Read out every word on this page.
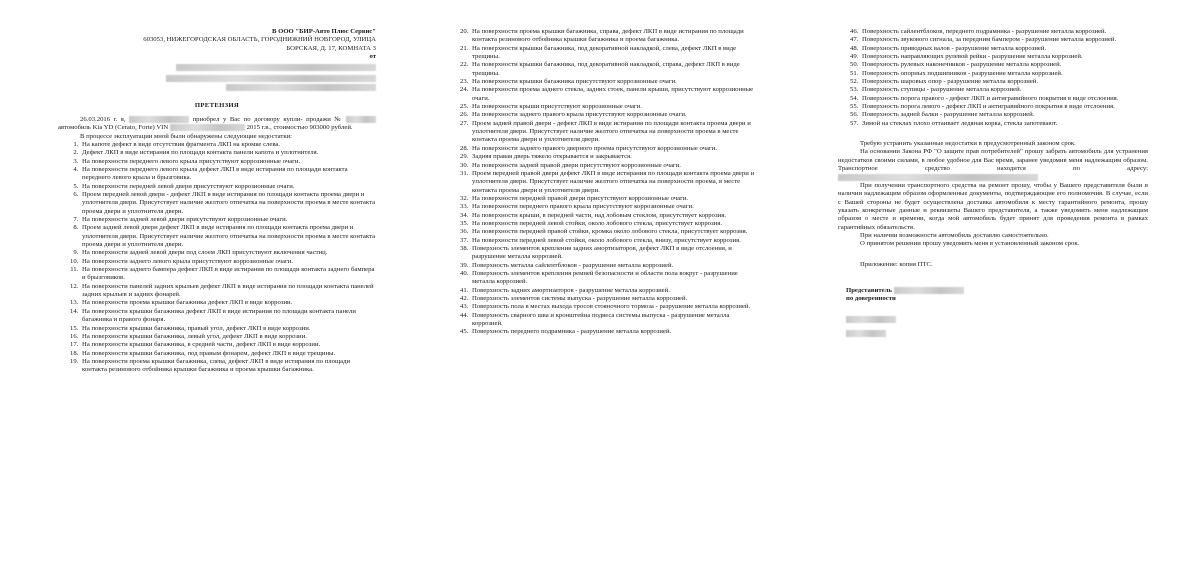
В ООО "БИР-Авто Плюс Сервис"
603053, НИЖЕГОРОДСКАЯ ОБЛАСТЬ, ГОРОДНИЖНИЙ НОВГОРОД, УЛИЦА
БОРСКАЯ, Д. 17, КОМНАТА 3
от

ПРЕТЕНЗИЯ

26.03.2016 г. я,	приобрел у Вас по договору купли- продажи №  автомобиль Kia YD (Cerato, Forte) VIN	2015 г.в., стоимостью 903000 рублей.

В процессе эксплуатации мной были обнаружены следующие недостатки:

1. На капоте дефект в виде отсутствия фрагмента ЛКП на кромке слева.
2. Дефект ЛКП в виде истирания по площади контакта панели капота и уплотнителя.
3. На поверхности переднего левого крыла присутствуют коррозионные очаги.
4. На поверхности переднего левого крыла дефект ЛКП в виде истирания по площади контакта переднего левого крыла и брызговика.
5. На поверхности передней левой двери присутствуют коррозионные очаги.
6. Проем передней левой двери - дефект ЛКП в виде истирания по площади контакта проема двери и уплотнителя двери. Присутствует наличие желтого отпечатка на поверхности проема в месте контакта проема двери и уплотнителя двери.
7. На поверхности задней левой двери присутствуют коррозионные очаги.
8. Проем задней левой двери дефект ЛКП в виде истирания по площади контакта проема двери и уплотнителя двери. Присутствует наличие желтого отпечатка на поверхности проема в месте контакта проема двери и уплотнителя двери.
9. На поверхности задней левой двери под слоем ЛКП присутствуют включения частиц.
10. На поверхности заднего левого крыла присутствуют коррозионные очаги.
11. На поверхности заднего бампера дефект ЛКП в виде истирания по площади контакта заднего бампера и брызговиков.
12. На поверхности панелей задних крыльев дефект ЛКП в виде истирания по площади контакта панелей задних крыльев и задних фонарей.
13. На поверхности проема крышки багажника дефект ЛКП в виде коррозии.
14. На поверхности крышки багажника дефект ЛКП в виде истирания по площади контакта панели багажника и правого фонаря.
15. На поверхности крышки багажника, правый угол, дефект ЛКП в виде коррозии.
16. На поверхности крышки багажника, левый угол, дефект ЛКП в виде коррозии.
17. На поверхности крышки багажника, в средней части, дефект ЛКП в виде коррозии.
18. На поверхности крышки багажника, под правым фонарем, дефект ЛКП в виде трещины.
19. На поверхности проема крышки багажника, слева, дефект ЛКП в виде истирания по площади контакта резинового отбойника крышки багажника и проема крышки багажника.
20. На поверхности проема крышки багажника, справа, дефект ЛКП в виде истирания по площади контакта резинового отбойника крышки багажника и проема багажника.
21. На поверхности крышки багажника, под декоративной накладкой, слева, дефект ЛКП в виде трещины.
22. На поверхности крышки багажника, под декоративной накладкой, справа, дефект ЛКП в виде трещины.
23. На поверхности крышки багажника присутствуют коррозионные очаги.
24. На поверхности проема заднего стекла, задних стоек, панели крыши, присутствуют коррозионные очаги.
25. На поверхности крыши присутствуют коррозионные очаги.
26. На поверхности заднего правого крыла присутствуют коррозионные очаги.
27. Проем задней правой двери - дефект ЛКП в виде истирания по площади контакта проема двери и уплотнителя двери. Присутствует наличие желтого отпечатка на поверхности проема в месте контакта проема двери и уплотнителя двери.
28. На поверхности заднего правого дверного проема присутствуют коррозионные очаги.
29. Задняя правая дверь тяжело открывается и закрывается.
30. На поверхности задней правой двери присутствуют коррозионные очаги.
31. Проем передней правой двери дефект ЛКП в виде истирания по площади контакта проема двери и уплотнителя двери. Присутствует наличие желтого отпечатка на поверхности проема, в месте контакта проема двери и уплотнителя двери.
32. На поверхности передней правой двери присутствуют коррозионные очаги.
33. На поверхности переднего правого крыла присутствуют коррозионные очаги.
34. На поверхности крыши, в передней части, над лобовым стеклом, присутствует коррозия.
35. На поверхности передней левой стойки, около лобового стекла, присутствует коррозия.
36. На поверхности передней правой стойки, кромка около лобового стекла, присутствует коррозия.
37. На поверхности передней левой стойки, около лобового стекла, внизу, присутствует коррозия.
38. Поверхность элементов крепления задних амортизаторов, дефект ЛКП в виде отслоения, и разрушение металла коррозией.
39. Поверхность металла сайлентблоков - разрушение металла коррозией.
40. Поверхность элементов крепления ремней безопасности и области пола вокруг - разрушение металла коррозией.
41. Поверхность задних амортизаторов - разрушение металла коррозией.
42. Поверхность элементов системы выпуска - разрушение металла коррозией.
43. Поверхность пола в местах выхода тросов стояночного тормоза - разрушение металла коррозией.
44. Поверхность сварного шва и кронштейна подвеса системы выпуска - разрушение металла коррозией.
45. Поверхность переднего подрамника - разрушение металла коррозией.
46. Поверхность сайлентблоков, переднего подрамника - разрушение металла коррозией.
47. Поверхность звукового сигнала, за передним бампером - разрушение металла коррозией.
48. Поверхность приводных валов - разрушение металла коррозией.
49. Поверхность направляющих рулевой рейки - разрушение металла коррозией.
50. Поверхность рулевых наконечников - разрушение металла коррозией.
51. Поверхность опорных подшипников - разрушение металла коррозией.
52. Поверхность шаровых опор - разрушение металла коррозией.
53. Поверхность ступицы - разрушение металла коррозией.
54. Поверхность порога правого - дефект ЛКП и антигравийного покрытия в виде отслоения.
55. Поверхность порога левого - дефект ЛКП и антигравийного покрытия в виде отслоения.
56. Поверхность задней балки - разрушение металла коррозией.
57. Зимой на стеклах плохо оттаивает ледяная корка, стекла запотевают.

Требую устранить указанные недостатки в предусмотренный законом срок.

На основании Закона РФ "О защите прав потребителей" прошу забрать автомобиль для устранения недостатков своими силами, в любое удобное для Вас время, заранее уведомив меня надлежащим образом. Транспортное средство находится по адресу:

При получении транспортного средства на ремонт прошу, чтобы у Вашего представителя были в наличии надлежащим образом оформленные документы, подтверждающие его полномочия. В случае, если с Вашей стороны не будет осуществлена доставка автомобиля к месту гарантийного ремонта, прошу указать конкретные данные и реквизиты Вашего представителя, а также уведомить меня надлежащим образом о месте и времени, когда мой автомобиль будет принят для проведения ремонта в рамках гарантийных обязательств.

При наличии возможности автомобиль доставлю самостоятельно.

О принятом решении прошу уведомить меня в установленный законом срок.

Приложение: копия ПТС.

Представитель
по доверенности
